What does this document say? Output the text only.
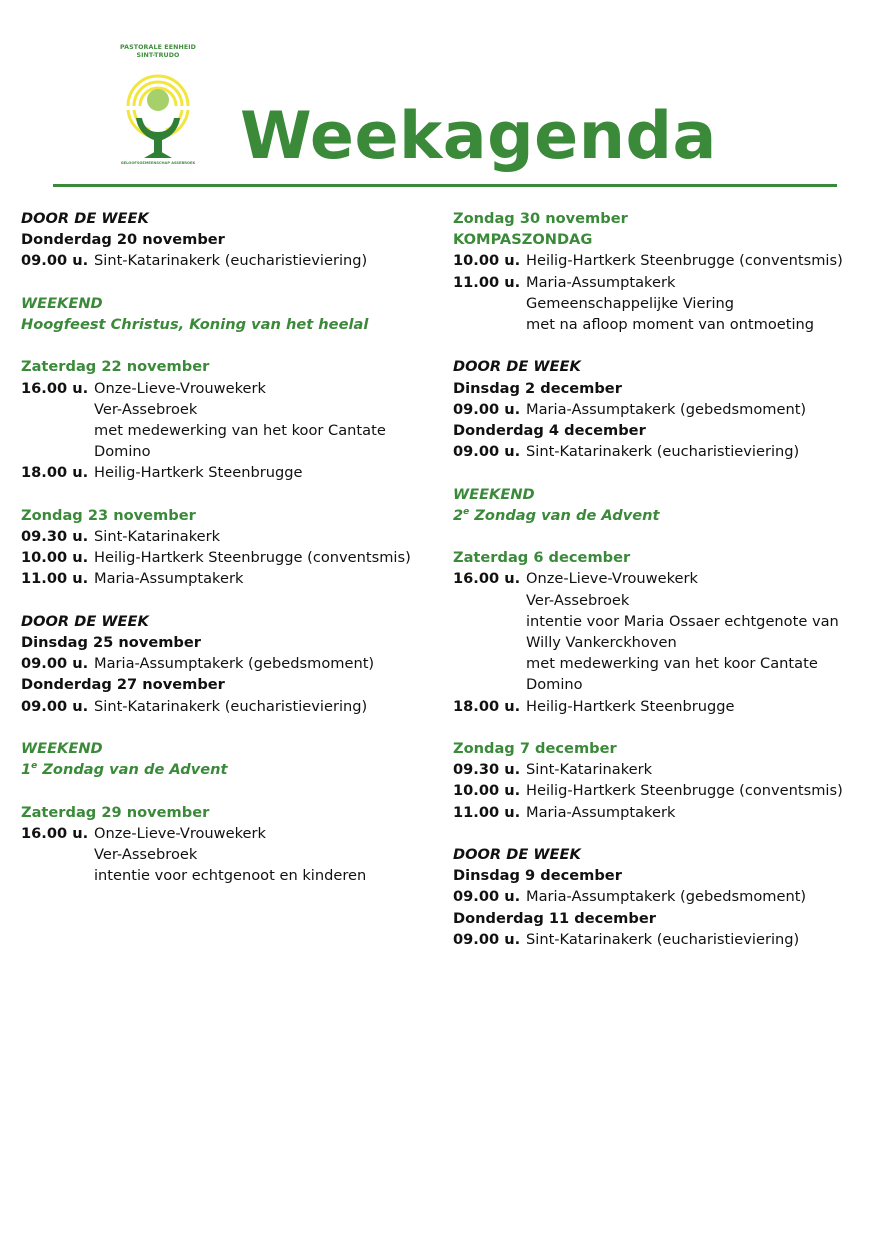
PASTORALE EENHEID
SINT-TRUDO
GELOOFSGEMEENSCHAP ASSEBROEK Weekagenda
DOOR DE WEEK
Donderdag 20 november
09.00 u. Sint-Katarinakerk (eucharistieviering)
WEEKEND
Hoogfeest Christus, Koning van het heelal
Zaterdag 22 november
16.00 u. Onze-Lieve-Vrouwekerk
Ver-Assebroek
met medewerking van het koor Cantate
Domino
18.00 u. Heilig-Hartkerk Steenbrugge
Zondag 23 november
09.30 u. Sint-Katarinakerk
10.00 u. Heilig-Hartkerk Steenbrugge (conventsmis)
11.00 u. Maria-Assumptakerk
DOOR DE WEEK
Dinsdag 25 november
09.00 u. Maria-Assumptakerk (gebedsmoment)
Donderdag 27 november
09.00 u. Sint-Katarinakerk (eucharistieviering)
WEEKEND
1e Zondag van de Advent
Zaterdag 29 november
16.00 u. Onze-Lieve-Vrouwekerk
Ver-Assebroek
intentie voor echtgenoot en kinderen
Zondag 30 november
KOMPASZONDAG
10.00 u. Heilig-Hartkerk Steenbrugge (conventsmis)
11.00 u. Maria-Assumptakerk
Gemeenschappelijke Viering
met na afloop moment van ontmoeting
DOOR DE WEEK
Dinsdag 2 december
09.00 u. Maria-Assumptakerk (gebedsmoment)
Donderdag 4 december
09.00 u. Sint-Katarinakerk (eucharistieviering)
WEEKEND
2e Zondag van de Advent
Zaterdag 6 december
16.00 u. Onze-Lieve-Vrouwekerk
Ver-Assebroek
intentie voor Maria Ossaer echtgenote van
Willy Vankerckhoven
met medewerking van het koor Cantate
Domino
18.00 u. Heilig-Hartkerk Steenbrugge
Zondag 7 december
09.30 u. Sint-Katarinakerk
10.00 u. Heilig-Hartkerk Steenbrugge (conventsmis)
11.00 u. Maria-Assumptakerk
DOOR DE WEEK
Dinsdag 9 december
09.00 u. Maria-Assumptakerk (gebedsmoment)
Donderdag 11 december
09.00 u. Sint-Katarinakerk (eucharistieviering)
